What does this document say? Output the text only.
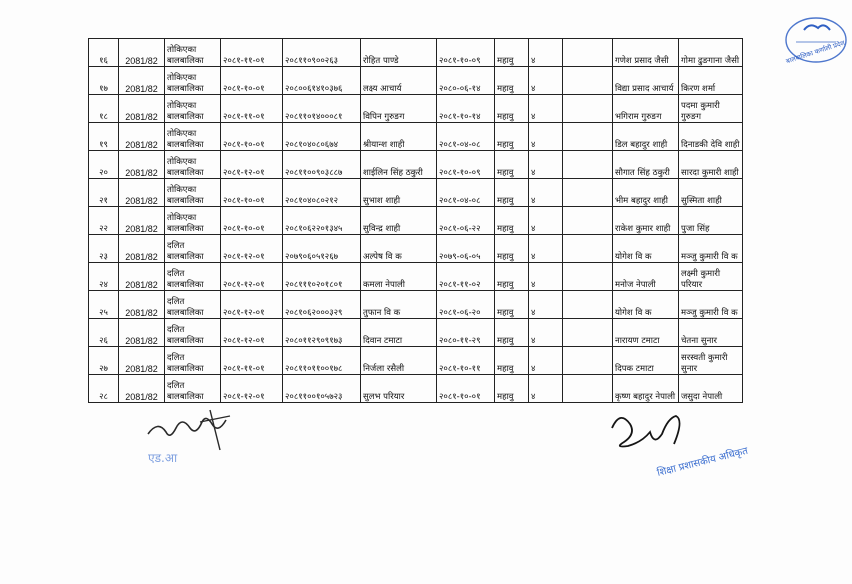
१६	2081/82	तोकिएका बालबालिका	२०८१-११-०१	२०८११०९००२६३	रोहित पाण्डे	२०८१-१०-०९	महावु	४		गणेश प्रसाद जैसी	गोमा ढुङगाना जैसी
१७	2081/82	तोकिएका बालबालिका	२०८१-१०-०१	२०८००६१४१०३७६	लक्ष्य आचार्य	२०८०-०६-१४	महावु	४		विद्या प्रसाद आचार्य	किरण शर्मा
१८	2081/82	तोकिएका बालबालिका	२०८१-११-०१	२०८११०१४०००८१	विपिन गुरुङग	२०८१-१०-१४	महावु	४		भगिराम गुरुङग	पदमा कुमारी गुरुङग
१९	2081/82	तोकिएका बालबालिका	२०८१-१०-०१	२०८१०४०८०६७४	श्रीयान्श शाही	२०८१-०४-०८	महावु	४		डिल बहादुर शाही	दिनाडकी देवि शाही
२०	2081/82	तोकिएका बालबालिका	२०८१-१२-०१	२०८११००९०३८८७	शाईलिन सिंह ठकुरी	२०८१-१०-०९	महावु	४		सौगात सिंह ठकुरी	सारदा कुमारी शाही
२१	2081/82	तोकिएका बालबालिका	२०८१-१०-०१	२०८१०४०८०२१२	सुभाश शाही	२०८१-०४-०८	महावु	४		भीम बहादुर शाही	सुस्मिता शाही
२२	2081/82	तोकिएका बालबालिका	२०८१-१०-०१	२०८१०६२२०१३४५	सुविन्द्र शाही	२०८१-०६-२२	महावु	४		राकेश कुमार शाही	पुजा सिंह
२३	2081/82	दलित बालबालिका	२०८१-१२-०१	२०७९०६०५१२६७	अल्पेष वि क	२०७९-०६-०५	महावु	४		योगेश वि क	मञ्जु कुमारी वि क
२४	2081/82	दलित बालबालिका	२०८१-१२-०१	२०८१११०२०१८०१	कमला नेपाली	२०८१-११-०२	महावु	४		मनोज नेपाली	लक्ष्मी कुमारी परियार
२५	2081/82	दलित बालबालिका	२०८१-१२-०१	२०८१०६२०००३२९	तुफान वि क	२०८१-०६-२०	महावु	४		योगेश वि क	मञ्जु कुमारी वि क
२६	2081/82	दलित बालबालिका	२०८१-१२-०१	२०८०११२९०९१७३	दिवान टमाटा	२०८०-११-२९	महावु	४		नारायण टमाटा	चेतना सुनार
२७	2081/82	दलित बालबालिका	२०८१-११-०१	२०८११०११००१७८	निर्जला रसैली	२०८१-१०-११	महावु	४		दिपक टमाटा	सरस्वती कुमारी सुनार
२८	2081/82	दलित बालबालिका	२०८१-१२-०१	२०८११००१०५७२३	सुलभ परियार	२०८१-१०-०१	महावु	४		कृष्ण बहादुर नेपाली	जसुदा नेपाली
बालबालिका कर्णाली प्रदेश
एड.आ	शिक्षा प्रशासकीय अधिकृत
